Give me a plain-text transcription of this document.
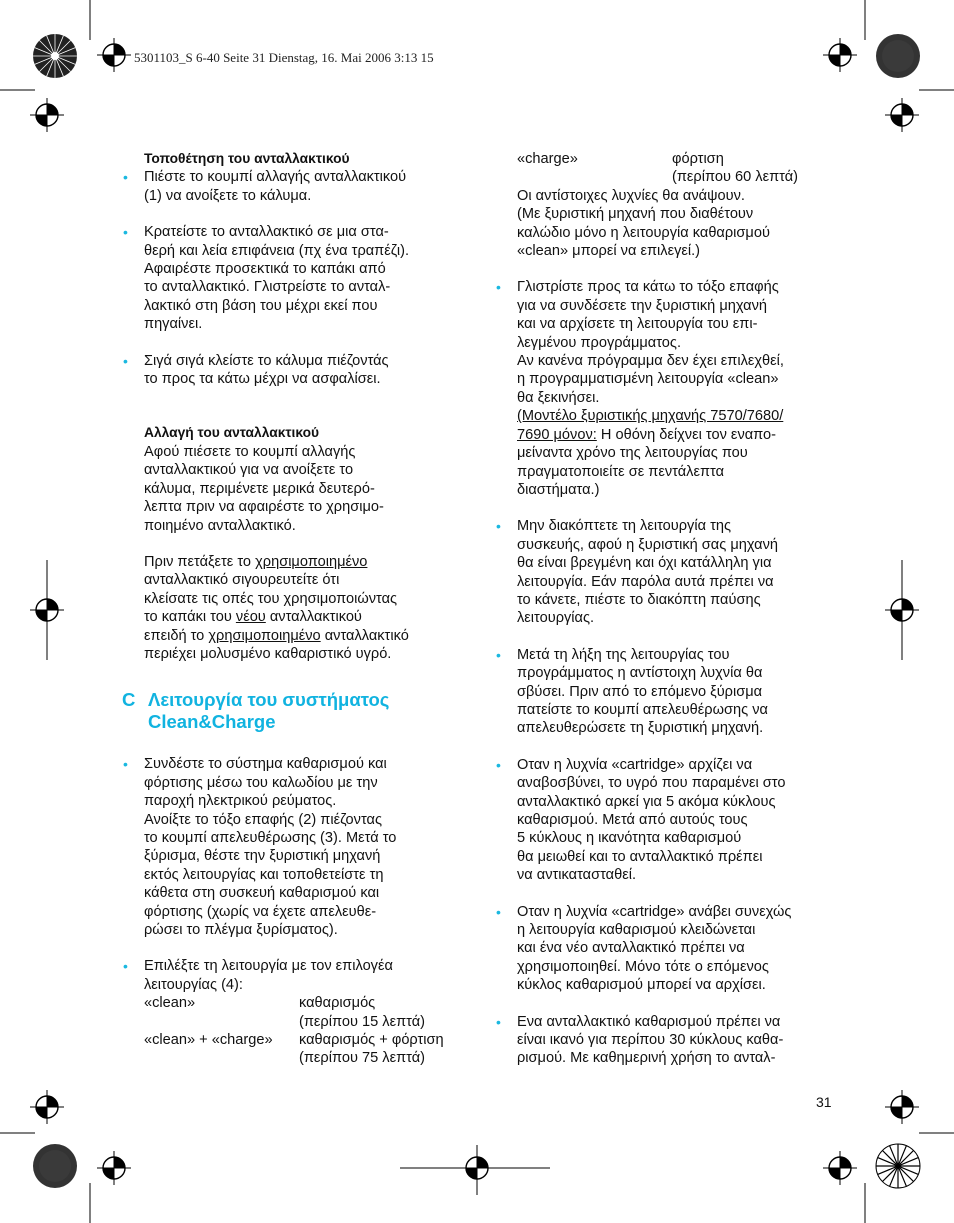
5301103_S 6-40 Seite 31 Dienstag, 16. Mai 2006 3:13 15

Τοποθέτηση του ανταλλακτικού

• Πιέστε το κουμπί αλλαγής ανταλλακτικού
(1) να ανοίξετε το κάλυμα.

• Κρατείστε το ανταλλακτικό σε μια στα-
θερή και λεία επιφάνεια (πχ ένα τραπέζι).
Αφαιρέστε προσεκτικά το καπάκι από
το ανταλλακτικό. Γλιστρείστε το ανταλ-
λακτικό στη βάση του μέχρι εκεί που
πηγαίνει.

• Σιγά σιγά κλείστε το κάλυμα πιέζοντάς
το προς τα κάτω μέχρι να ασφαλίσει.

Αλλαγή του ανταλλακτικού

Αφού πιέσετε το κουμπί αλλαγής
ανταλλακτικού για να ανοίξετε το
κάλυμα, περιμένετε μερικά δευτερό-
λεπτα πριν να αφαιρέστε το χρησιμο-
ποιημένο ανταλλακτικό.

Πριν πετάξετε το χρησιμοποιημένο
ανταλλακτικό σιγουρευτείτε ότι
κλείσατε τις οπές του χρησιμοποιώντας
το καπάκι του νέου ανταλλακτικού
επειδή το χρησιμοποιημένο ανταλλακτικό
περιέχει μολυσμένο καθαριστικό υγρό.

C Λειτουργία του συστήματος
Clean&Charge

• Συνδέστε το σύστημα καθαρισμού και
φόρτισης μέσω του καλωδίου με την
παροχή ηλεκτρικού ρεύματος.
Ανοίξτε το τόξο επαφής (2) πιέζοντας
το κουμπί απελευθέρωσης (3). Μετά το
ξύρισμα, θέστε την ξυριστική μηχανή
εκτός λειτουργίας και τοποθετείστε τη
κάθετα στη συσκευή καθαρισμού και
φόρτισης (χωρίς να έχετε απελευθε-
ρώσει το πλέγμα ξυρίσματος).

• Επιλέξτε τη λειτουργία με τον επιλογέα
λειτουργίας (4):

«clean»	καθαρισμός
(περίπου 15 λεπτά)
«clean» + «charge»	καθαρισμός + φόρτιση
(περίπου 75 λεπτά)
«charge»	φόρτιση
(περίπου 60 λεπτά)

Οι αντίστοιχες λυχνίες θα ανάψουν.
(Με ξυριστική μηχανή που διαθέτουν
καλώδιο μόνο η λειτουργία καθαρισμού
«clean» μπορεί να επιλεγεί.)

• Γλιστρίστε προς τα κάτω το τόξο επαφής
για να συνδέσετε την ξυριστική μηχανή
και να αρχίσετε τη λειτουργία του επι-
λεγμένου προγράμματος.
Αν κανένα πρόγραμμα δεν έχει επιλεχθεί,
η προγραμματισμένη λειτουργία «clean»
θα ξεκινήσει.
(Μοντέλο ξυριστικής μηχανής 7570/7680/
7690 μόνον: Η οθόνη δείχνει τον εναπο-
μείναντα χρόνο της λειτουργίας που
πραγματοποιείτε σε πεντάλεπτα
διαστήματα.)

• Μην διακόπτετε τη λειτουργία της
συσκευής, αφού η ξυριστική σας μηχανή
θα είναι βρεγμένη και όχι κατάλληλη για
λειτουργία. Εάν παρόλα αυτά πρέπει να
το κάνετε, πιέστε το διακόπτη παύσης
λειτουργίας.

• Μετά τη λήξη της λειτουργίας του
προγράμματος η αντίστοιχη λυχνία θα
σβύσει. Πριν από το επόμενο ξύρισμα
πατείστε το κουμπί απελευθέρωσης να
απελευθερώσετε τη ξυριστική μηχανή.

• Οταν η λυχνία «cartridge» αρχίζει να
αναβοσβύνει, το υγρό που παραμένει στο
ανταλλακτικό αρκεί για 5 ακόμα κύκλους
καθαρισμού. Μετά από αυτούς τους
5 κύκλους η ικανότητα καθαρισμού
θα μειωθεί και το ανταλλακτικό πρέπει
να αντικατασταθεί.

• Οταν η λυχνία «cartridge» ανάβει συνεχώς
η λειτουργία καθαρισμού κλειδώνεται
και ένα νέο ανταλλακτικό πρέπει να
χρησιμοποιηθεί. Μόνο τότε ο επόμενος
κύκλος καθαρισμού μπορεί να αρχίσει.

• Ενα ανταλλακτικό καθαρισμού πρέπει να
είναι ικανό για περίπου 30 κύκλους καθα-
ρισμού. Με καθημερινή χρήση το ανταλ-

31
